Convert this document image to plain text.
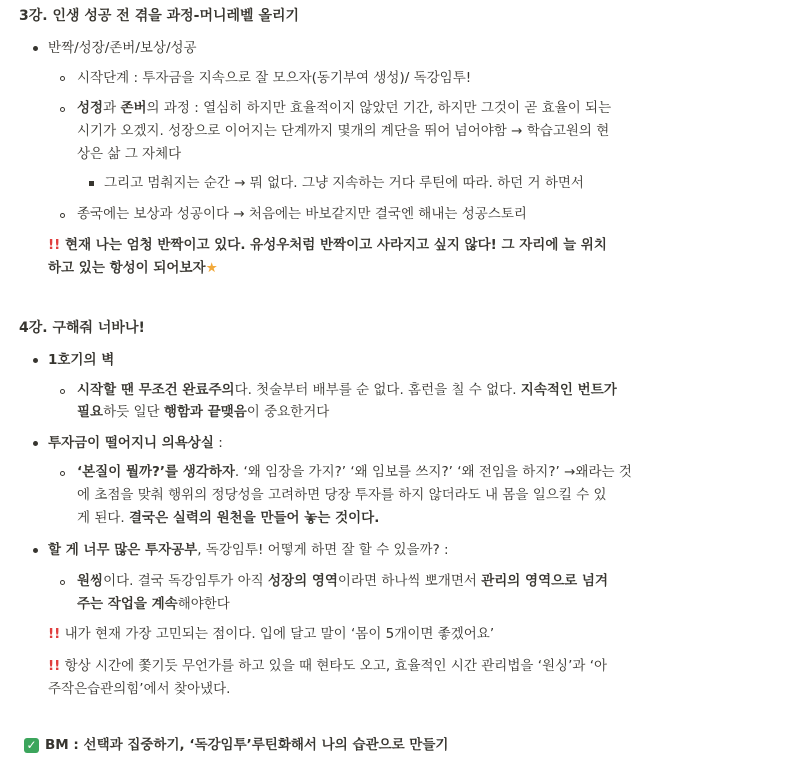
3강. 인생 성공 전 겪을 과정-머니레벨 올리기
반짝/성장/존버/보상/성공
시작단계 : 투자금을 지속으로 잘 모으자(동기부여 생성)/ 독강임투!
성정과 존버의 과정 : 열심히 하지만 효율적이지 않았던 기간, 하지만 그것이 곧 효율이 되는
시기가 오겠지. 성장으로 이어지는 단계까지 몇개의 계단을 뛰어 넘어야함 → 학습고원의 현
상은 삶 그 자체다
그리고 멈춰지는 순간 → 뭐 없다. 그냥 지속하는 거다 루틴에 따라. 하던 거 하면서
종국에는 보상과 성공이다 → 처음에는 바보같지만 결국엔 해내는 성공스토리
!! 현재 나는 엄청 반짝이고 있다. 유성우처럼 반짝이고 사라지고 싶지 않다! 그 자리에 늘 위치
하고 있는 항성이 되어보자★
4강. 구해줘 너바나!
1호기의 벽
시작할 땐 무조건 완료주의다. 첫술부터 배부를 순 없다. 홈런을 칠 수 없다. 지속적인 번트가
필요하듯 일단 행함과 끝맺음이 중요한거다
투자금이 떨어지니 의욕상실 :
‘본질이 뭘까?’를 생각하자. ‘왜 임장을 가지?’ ‘왜 임보를 쓰지?’ ‘왜 전임을 하지?’ →왜라는 것
에 초점을 맞춰 행위의 정당성을 고려하면 당장 투자를 하지 않더라도 내 몸을 일으킬 수 있
게 된다. 결국은 실력의 원천을 만들어 놓는 것이다.
할 게 너무 많은 투자공부, 독강임투! 어떻게 하면 잘 할 수 있을까? :
원씽이다. 결국 독강임투가 아직 성장의 영역이라면 하나씩 뽀개면서 관리의 영역으로 넘겨
주는 작업을 계속해야한다
!! 내가 현재 가장 고민되는 점이다. 입에 달고 말이 ‘몸이 5개이면 좋겠어요’
!! 항상 시간에 쫓기듯 무언가를 하고 있을 때 현타도 오고, 효율적인 시간 관리법을 ‘원싱’과 ‘아
주작은습관의힘’에서 찾아냈다.
✓ BM : 선택과 집중하기, ‘독강임투’루틴화해서 나의 습관으로 만들기
